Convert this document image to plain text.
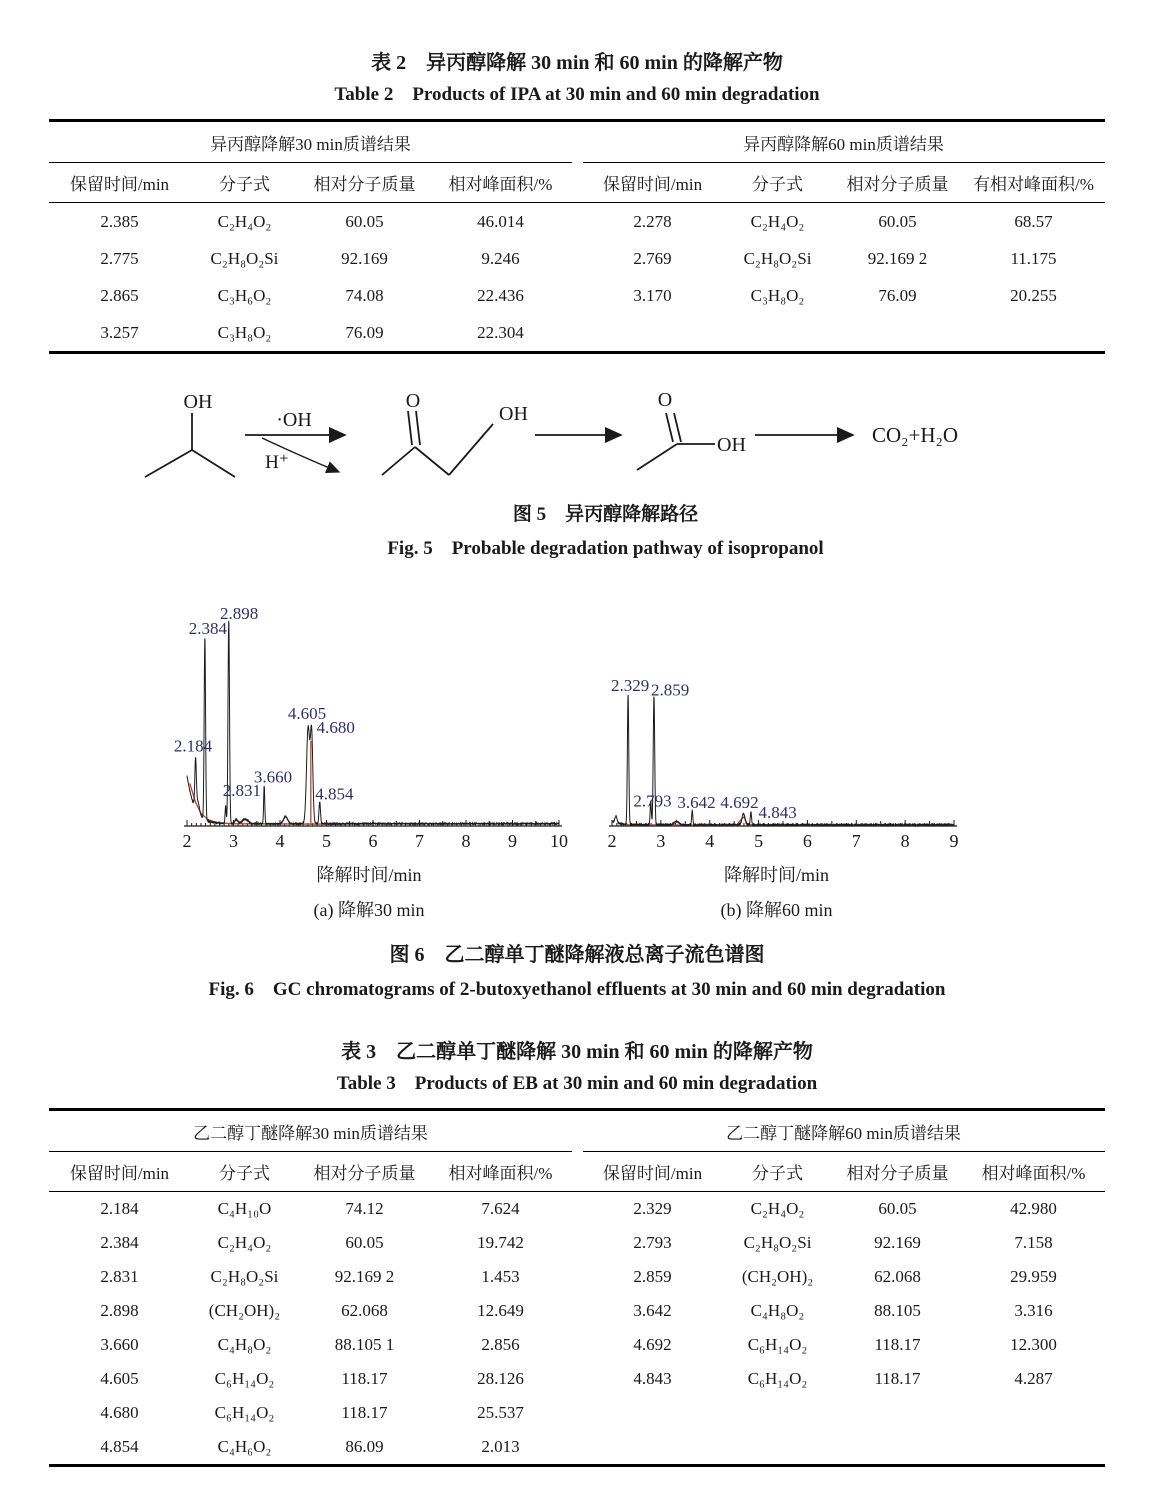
表 2　异丙醇降解 30 min 和 60 min 的降解产物
Table 2　Products of IPA at 30 min and 60 min degradation
异丙醇降解30 min质谱结果					异丙醇降解60 min质谱结果			
保留时间/min	分子式	相对分子质量	相对峰面积/%		保留时间/min	分子式	相对分子质量	有相对峰面积/%
2.385	C₂H₄O₂	60.05	46.014		2.278	C₂H₄O₂	60.05	68.57
2.775	C₂H₈O₂Si	92.169	9.246		2.769	C₂H₈O₂Si	92.169 2	11.175
2.865	C₃H₆O₂	74.08	22.436		3.170	C₃H₈O₂	76.09	20.255
3.257	C₃H₈O₂	76.09	22.304					
OH
·OH
H⁺
O
OH
O
OH	CO₂+H₂O
图 5　异丙醇降解路径
Fig. 5　Probable degradation pathway of isopropanol
2 3 4 5 6 7 8 9 10
2.184
2.384
2.898
2.831
3.660
4.605
4.680
4.854
降解时间/min
(a) 降解30 min
2 3 4 5 6 7 8 9
2.329 2.859
2.793 3.642 4.692
4.843
降解时间/min
(b) 降解60 min
图 6　乙二醇单丁醚降解液总离子流色谱图
Fig. 6　GC chromatograms of 2-butoxyethanol effluents at 30 min and 60 min degradation
表 3　乙二醇单丁醚降解 30 min 和 60 min 的降解产物
Table 3　Products of EB at 30 min and 60 min degradation
乙二醇丁醚降解30 min质谱结果					乙二醇丁醚降解60 min质谱结果			
保留时间/min	分子式	相对分子质量	相对峰面积/%		保留时间/min	分子式	相对分子质量	相对峰面积/%
2.184	C₄H₁₀O	74.12	7.624		2.329	C₂H₄O₂	60.05	42.980
2.384	C₂H₄O₂	60.05	19.742		2.793	C₂H₈O₂Si	92.169	7.158
2.831	C₂H₈O₂Si	92.169 2	1.453		2.859	(CH₂OH)₂	62.068	29.959
2.898	(CH₂OH)₂	62.068	12.649		3.642	C₄H₈O₂	88.105	3.316
3.660	C₄H₈O₂	88.105 1	2.856		4.692	C₆H₁₄O₂	118.17	12.300
4.605	C₆H₁₄O₂	118.17	28.126		4.843	C₆H₁₄O₂	118.17	4.287
4.680	C₆H₁₄O₂	118.17	25.537					
4.854	C₄H₆O₂	86.09	2.013					
